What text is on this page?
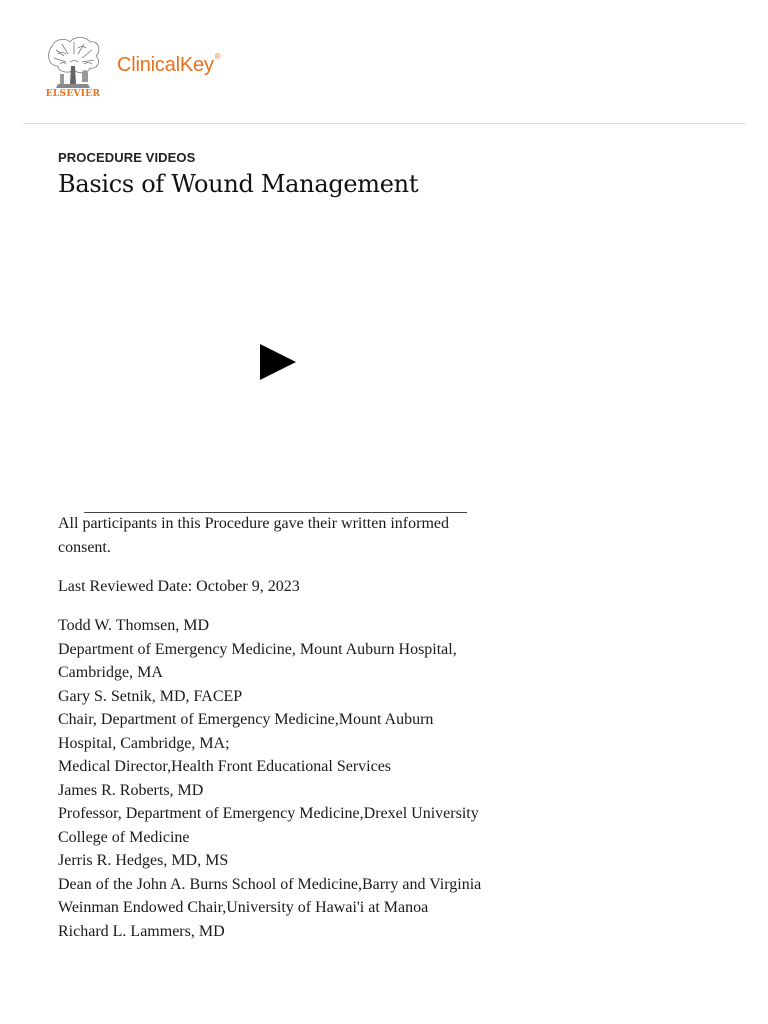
ELSEVIER
ClinicalKey®
PROCEDURE VIDEOS
Basics of Wound Management

All participants in this Procedure gave their written informed consent.

Last Reviewed Date: October 9, 2023

Todd W. Thomsen, MD
Department of Emergency Medicine, Mount Auburn Hospital, Cambridge, MA
Gary S. Setnik, MD, FACEP
Chair, Department of Emergency Medicine,Mount Auburn Hospital, Cambridge, MA;
Medical Director,Health Front Educational Services
James R. Roberts, MD
Professor, Department of Emergency Medicine,Drexel University College of Medicine
Jerris R. Hedges, MD, MS
Dean of the John A. Burns School of Medicine,Barry and Virginia Weinman Endowed Chair,University of Hawai'i at Manoa
Richard L. Lammers, MD
